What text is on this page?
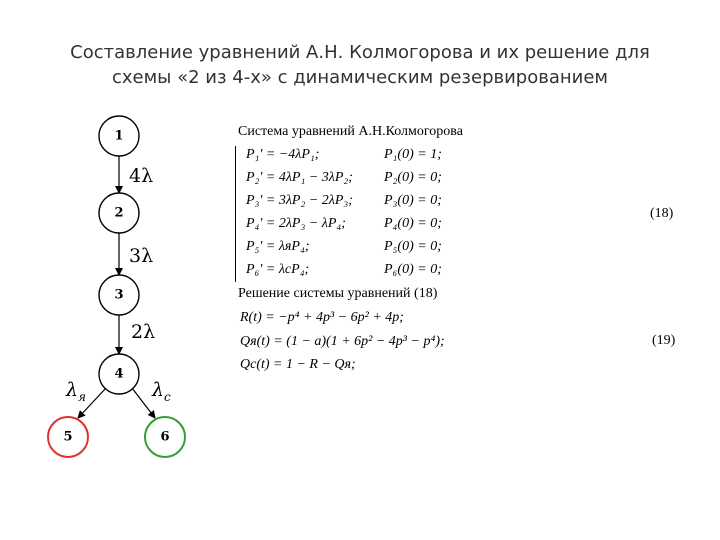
Составление уравнений А.Н. Колмогорова и их решение для
схемы «2 из 4-х» с динамическим резервированием
1
2
3
4
5	6
4λ
3λ
2λ
$\lambda_я$	$\lambda_c$
Система уравнений А.Н.Колмогорова
P₁' = −4λP₁;
P₂' = 4λP₁ − 3λP₂;
P₃' = 3λP₂ − 2λP₃;
P₄' = 2λP₃ − λP₄;
P₅' = λяP₄;
P₆' = λсP₄;
P₁(0) = 1;
P₂(0) = 0;
P₃(0) = 0;
P₄(0) = 0;
P₅(0) = 0;
P₆(0) = 0;
(18)
Решение системы уравнений (18)
R(t) = −p⁴ + 4p³ − 6p² + 4p;
Qя(t) = (1 − a)(1 + 6p² − 4p³ − p⁴);
Qc(t) = 1 − R − Qя;
(19)
